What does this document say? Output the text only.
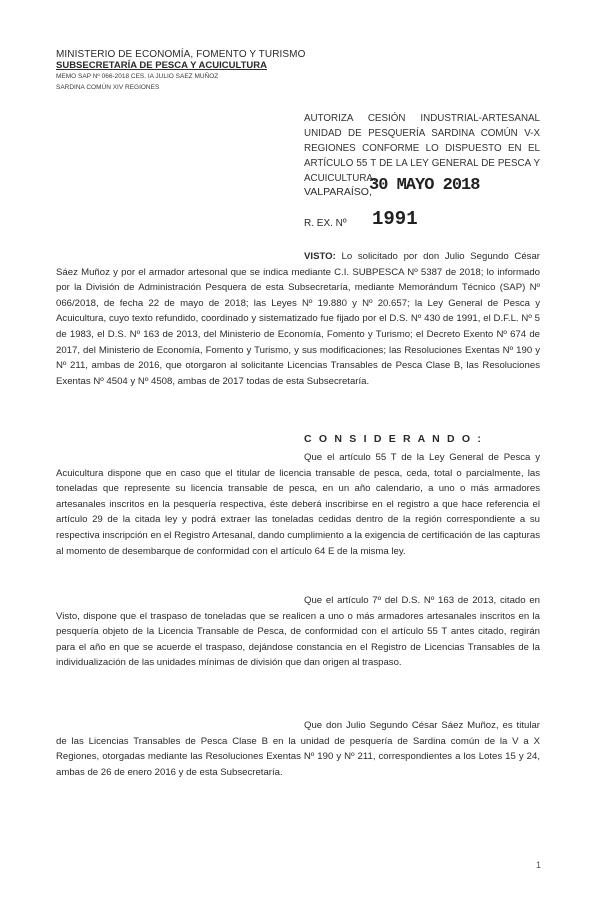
MINISTERIO DE ECONOMÍA, FOMENTO Y TURISMO
SUBSECRETARÍA DE PESCA Y ACUICULTURA
MEMO SAP Nº 066-2018 CES. IA JULIO SAEZ MUÑOZ
SARDINA COMÚN XIV REGIONES
AUTORIZA CESIÓN INDUSTRIAL-ARTESANAL UNIDAD DE PESQUERÍA SARDINA COMÚN V-X REGIONES CONFORME LO DISPUESTO EN EL ARTÍCULO 55 T DE LA LEY GENERAL DE PESCA Y ACUICULTURA.
VALPARAÍSO,
30 MAYO 2018
R. EX. Nº 1991
VISTO: Lo solicitado por don Julio Segundo César Sáez Muñoz y por el armador artesonal que se indica mediante C.I. SUBPESCA Nº 5387 de 2018; lo informado por la División de Administración Pesquera de esta Subsecretaría, mediante Memorándum Técnico (SAP) Nº 066/2018, de fecha 22 de mayo de 2018; las Leyes Nº 19.880 y Nº 20.657; la Ley General de Pesca y Acuicultura, cuyo texto refundido, coordinado y sistematizado fue fijado por el D.S. Nº 430 de 1991, el D.F.L. Nº 5 de 1983, el D.S. Nº 163 de 2013, del Ministerio de Economía, Fomento y Turismo; el Decreto Exento Nº 674 de 2017, del Ministerio de Economía, Fomento y Turismo, y sus modificaciones; las Resoluciones Exentas Nº 190 y Nº 211, ambas de 2016, que otorgaron al solicitante Licencias Transables de Pesca Clase B, las Resoluciones Exentas Nº 4504 y Nº 4508, ambas de 2017 todas de esta Subsecretaría.
C O N S I D E R A N D O :
Que el artículo 55 T de la Ley General de Pesca y Acuicultura dispone que en caso que el titular de licencia transable de pesca, ceda, total o parcialmente, las toneladas que represente su licencia transable de pesca, en un año calendario, a uno o más armadores artesanales inscritos en la pesquería respectiva, éste deberá inscribirse en el registro a que hace referencia el artículo 29 de la citada ley y podrá extraer las toneladas cedidas dentro de la región correspondiente a su respectiva inscripción en el Registro Artesanal, dando cumplimiento a la exigencia de certificación de las capturas al momento de desembarque de conformidad con el artículo 64 E de la misma ley.
Que el artículo 7º del D.S. Nº 163 de 2013, citado en Visto, dispone que el traspaso de toneladas que se realicen a uno o más armadores artesanales inscritos en la pesquería objeto de la Licencia Transable de Pesca, de conformidad con el artículo 55 T antes citado, regirán para el año en que se acuerde el traspaso, dejándose constancia en el Registro de Licencias Transables de la individualización de las unidades mínimas de división que dan origen al traspaso.
Que don Julio Segundo César Sáez Muñoz, es titular de las Licencias Transables de Pesca Clase B en la unidad de pesquería de Sardina común de la V a X Regiones, otorgadas mediante las Resoluciones Exentas Nº 190 y Nº 211, correspondientes a los Lotes 15 y 24, ambas de 26 de enero 2016 y de esta Subsecretaría.
1
